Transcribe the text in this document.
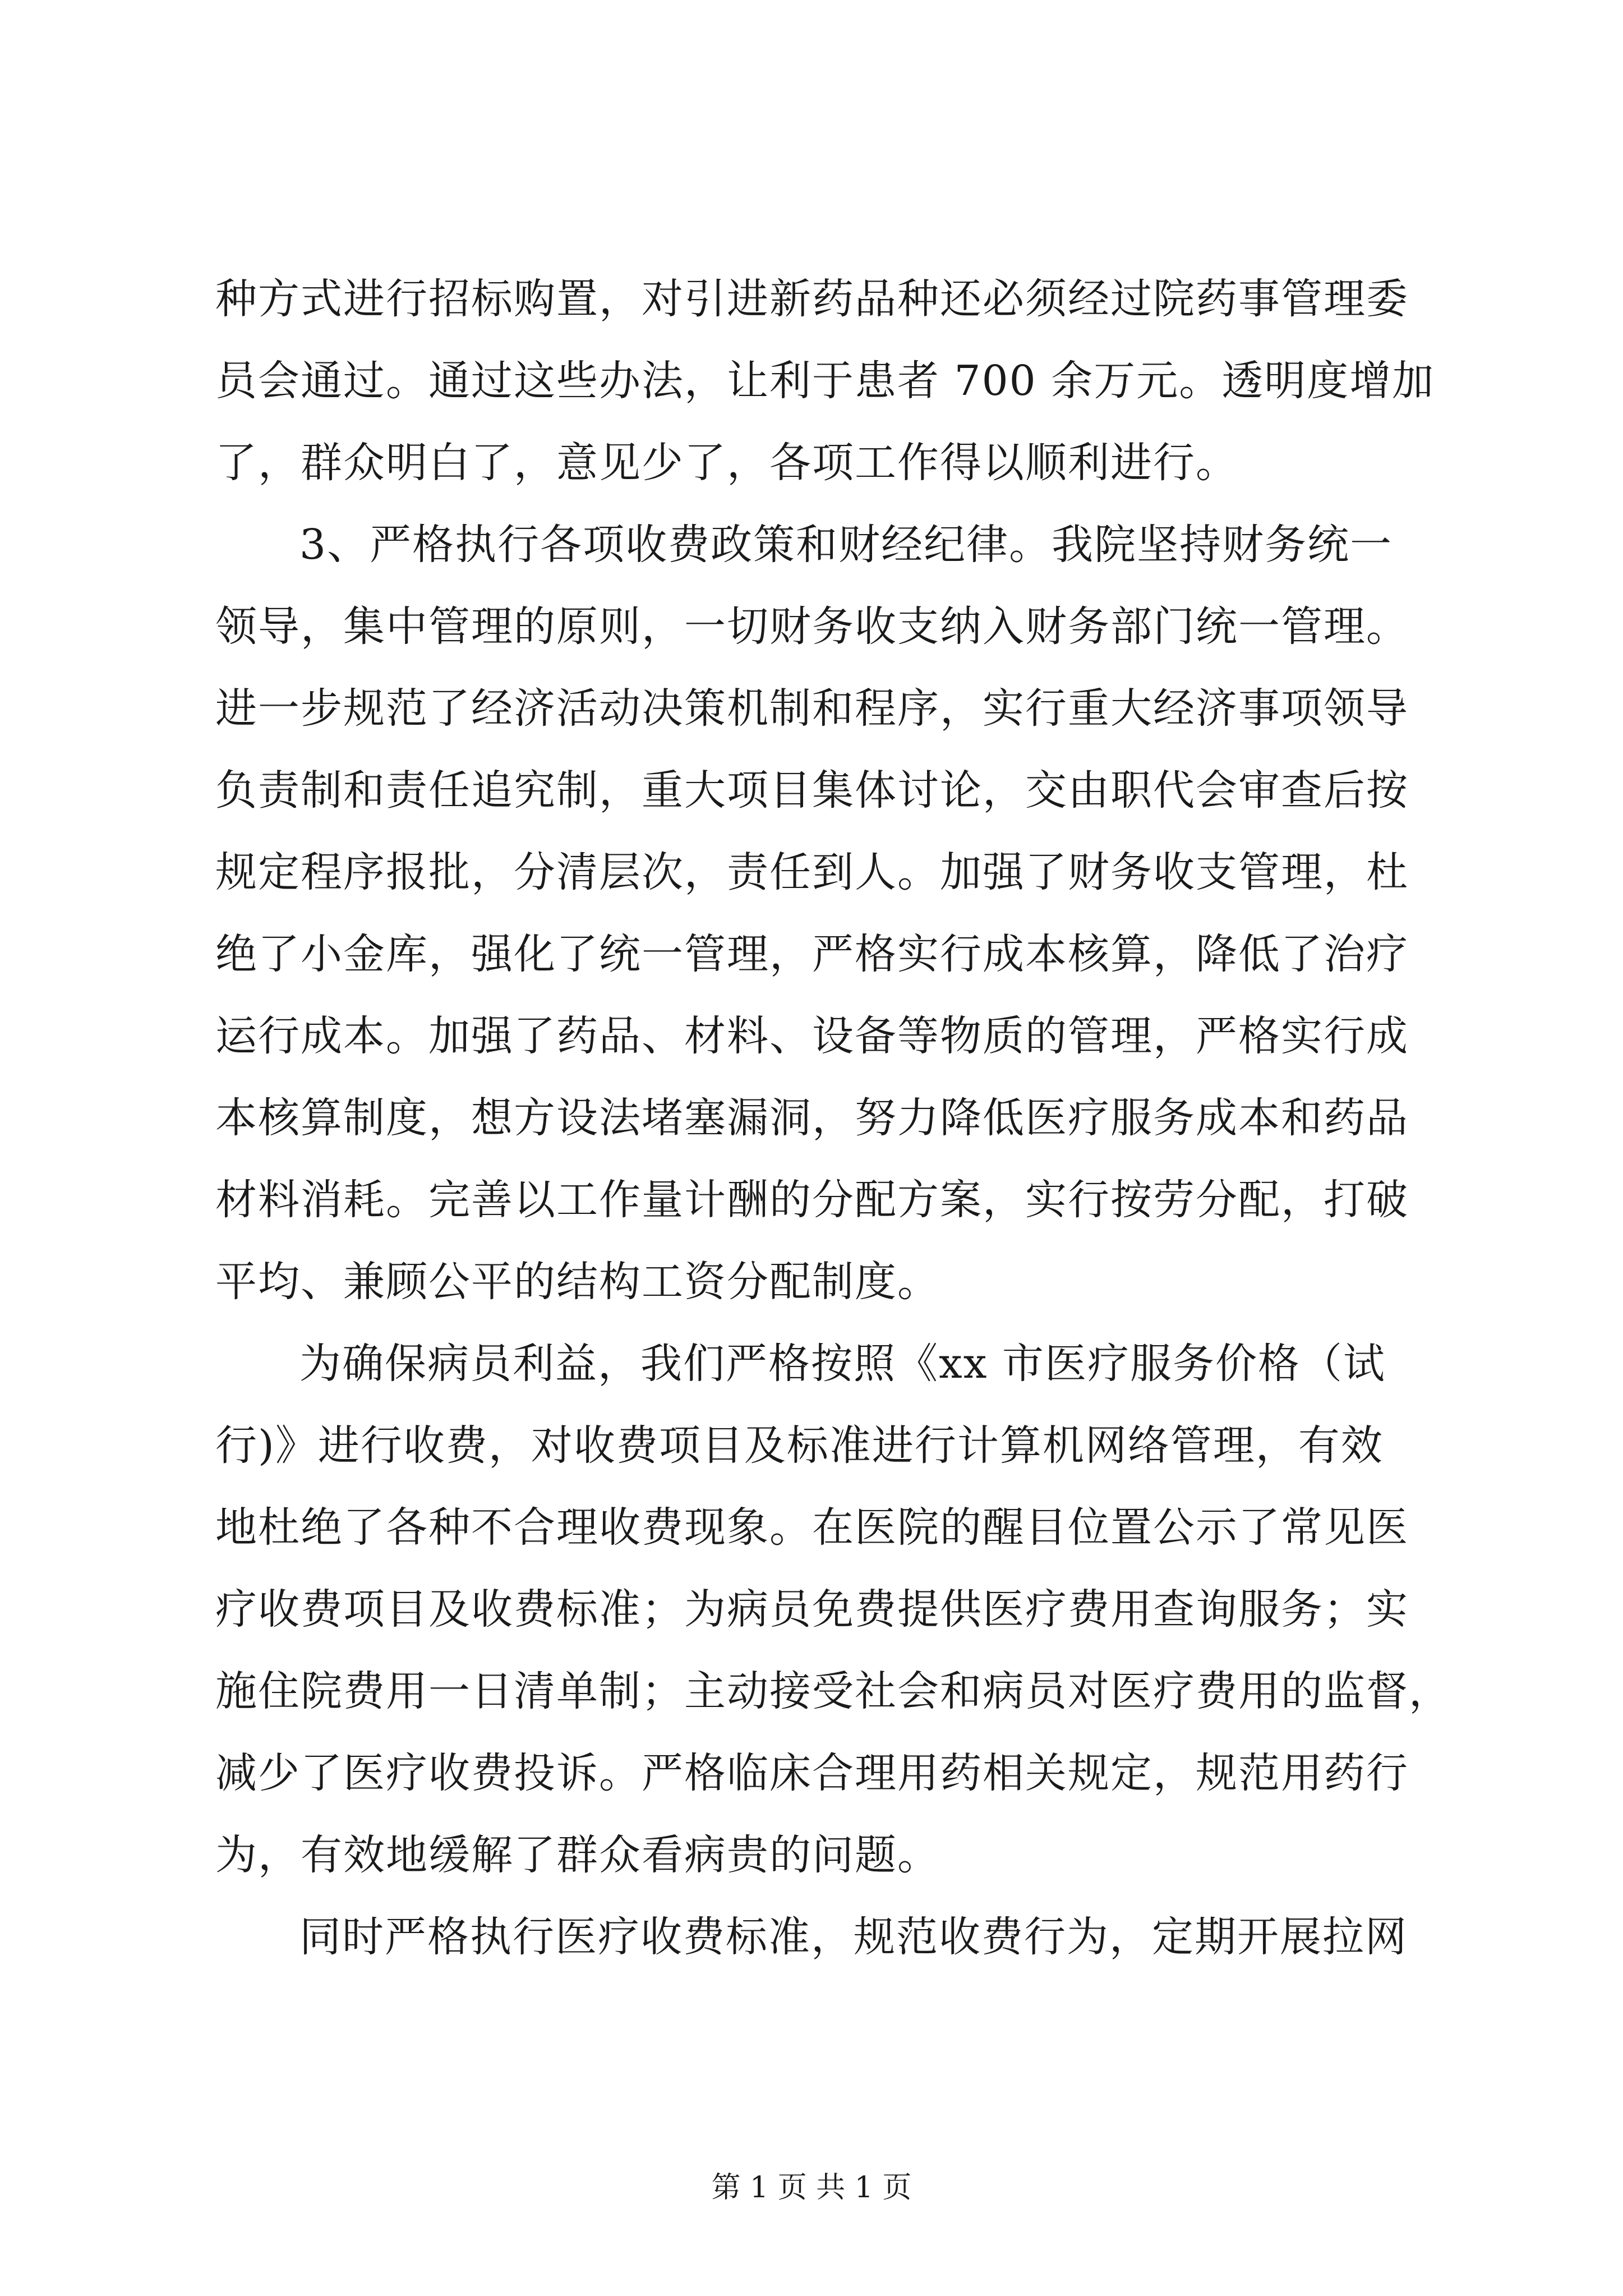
种方式进行招标购置，对引进新药品种还必须经过院药事管理委
员会通过。通过这些办法，让利于患者 700 余万元。透明度增加
了，群众明白了，意见少了，各项工作得以顺利进行。
3、严格执行各项收费政策和财经纪律。我院坚持财务统一
领导，集中管理的原则，一切财务收支纳入财务部门统一管理。
进一步规范了经济活动决策机制和程序，实行重大经济事项领导
负责制和责任追究制，重大项目集体讨论，交由职代会审查后按
规定程序报批，分清层次，责任到人。加强了财务收支管理，杜
绝了小金库，强化了统一管理，严格实行成本核算，降低了治疗
运行成本。加强了药品、材料、设备等物质的管理，严格实行成
本核算制度，想方设法堵塞漏洞，努力降低医疗服务成本和药品
材料消耗。完善以工作量计酬的分配方案，实行按劳分配，打破
平均、兼顾公平的结构工资分配制度。
为确保病员利益，我们严格按照《xx 市医疗服务价格（试
行)》进行收费，对收费项目及标准进行计算机网络管理，有效
地杜绝了各种不合理收费现象。在医院的醒目位置公示了常见医
疗收费项目及收费标准；为病员免费提供医疗费用查询服务；实
施住院费用一日清单制；主动接受社会和病员对医疗费用的监督，
减少了医疗收费投诉。严格临床合理用药相关规定，规范用药行
为，有效地缓解了群众看病贵的问题。
同时严格执行医疗收费标准，规范收费行为，定期开展拉网
第 1 页 共 1 页
